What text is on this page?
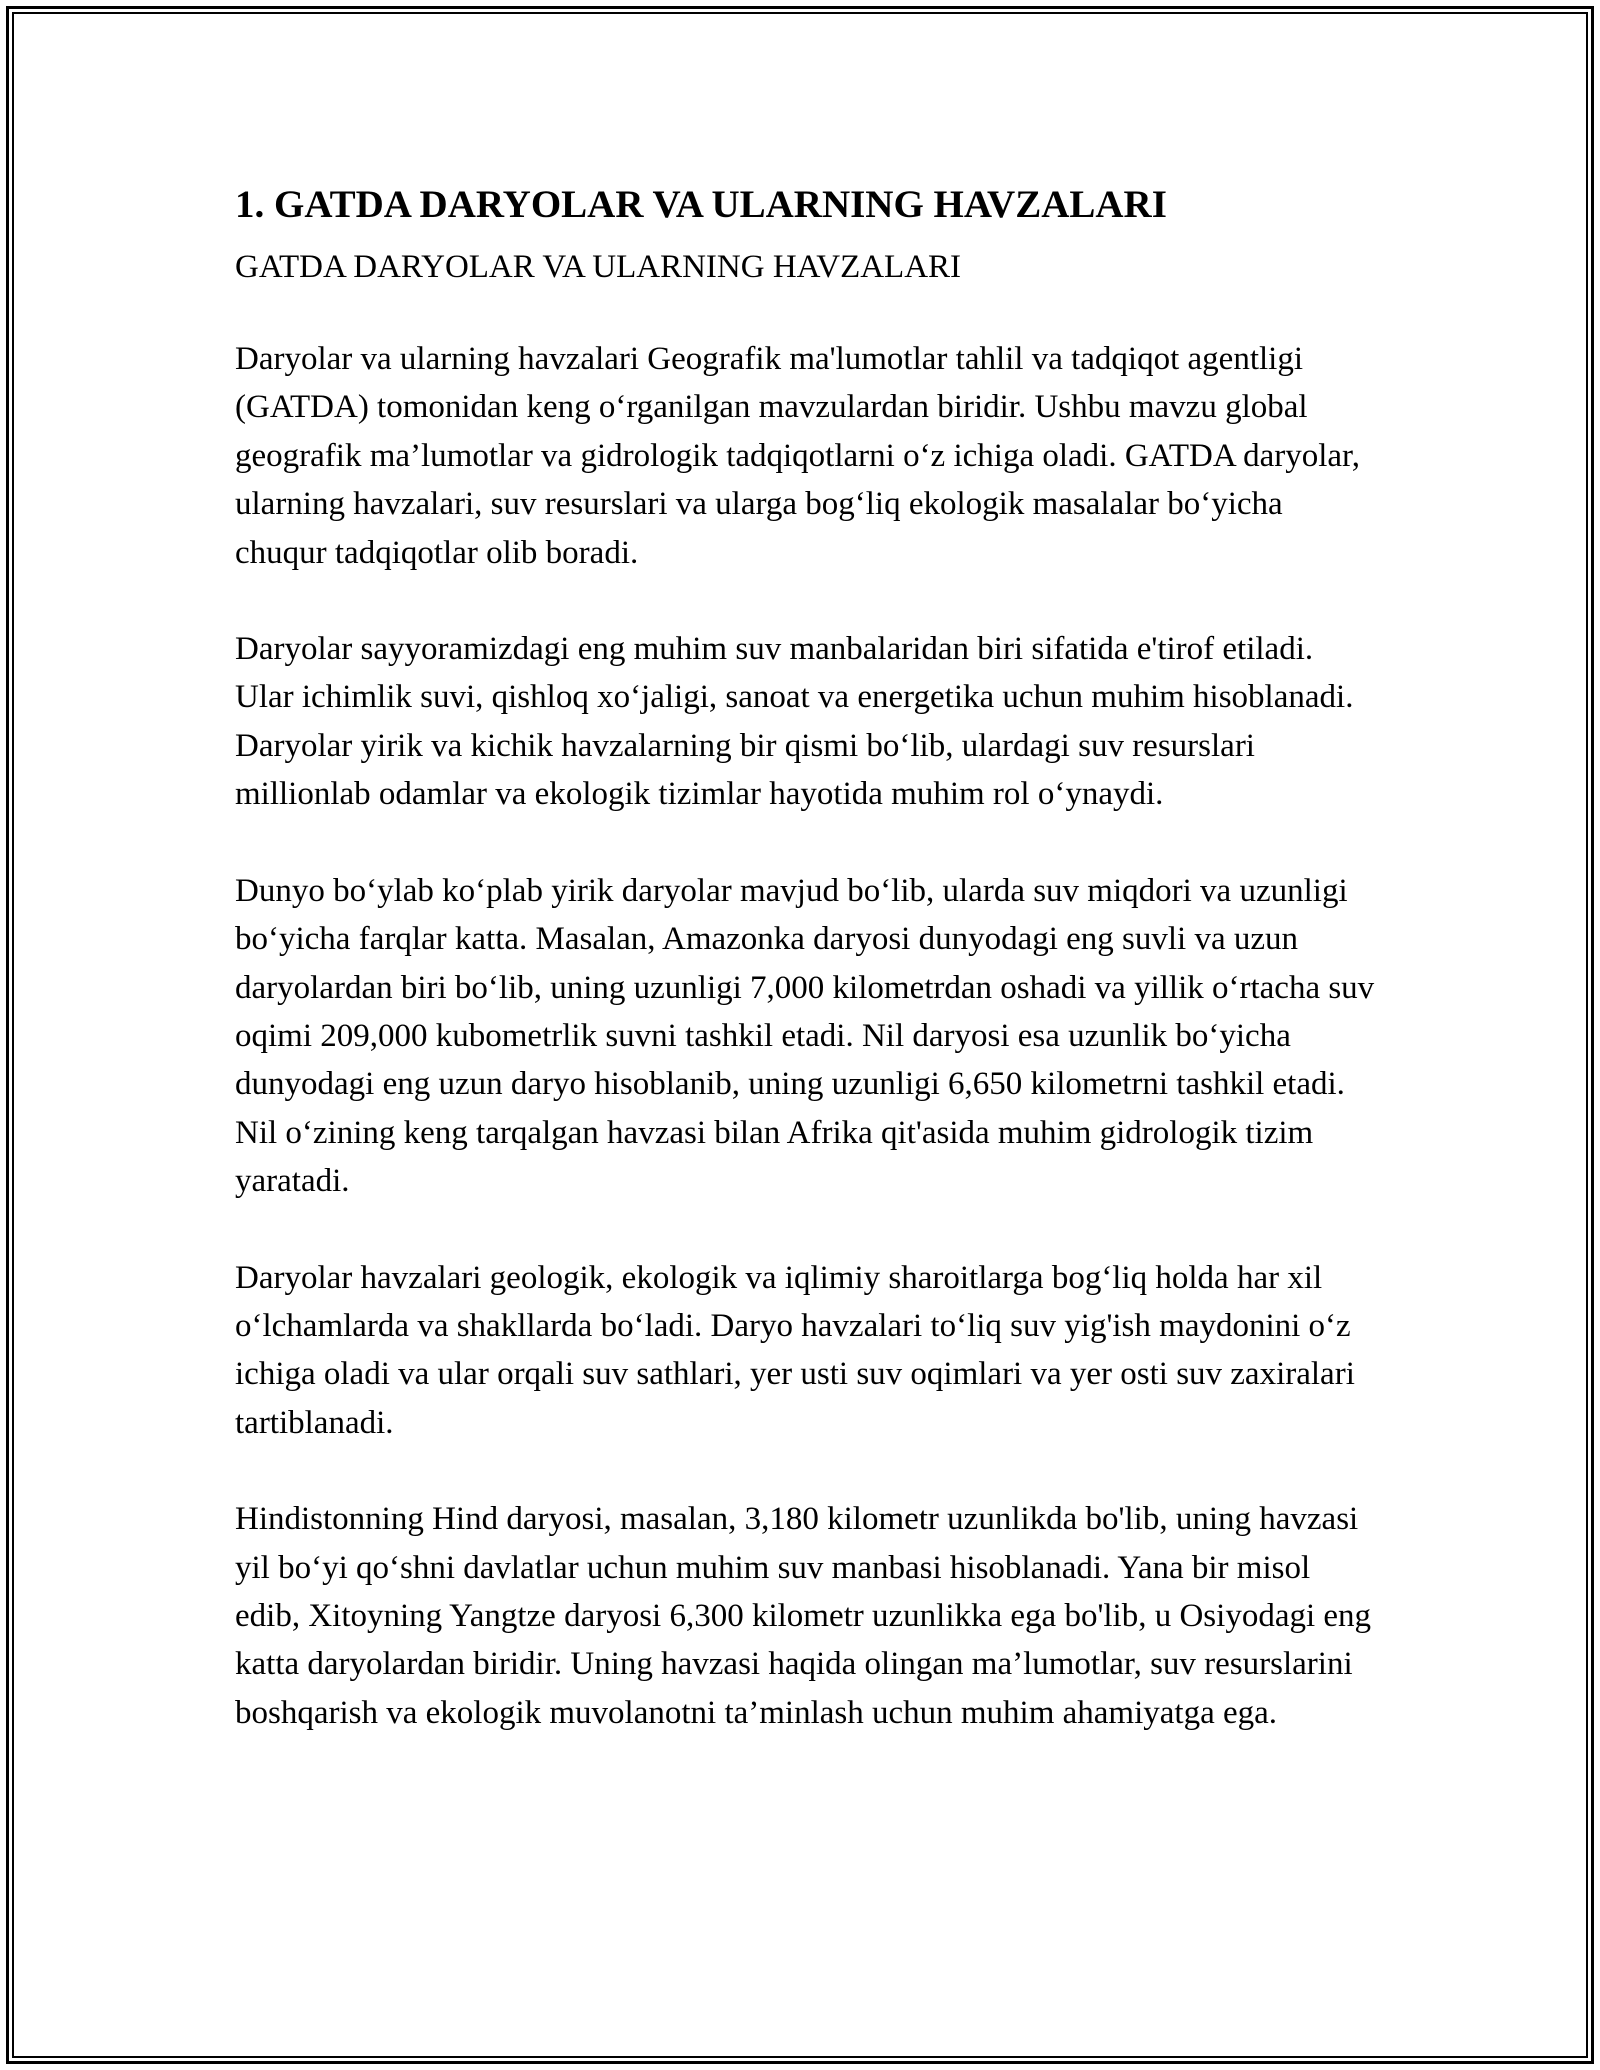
1. GATDA DARYOLAR VA ULARNING HAVZALARI
GATDA DARYOLAR VA ULARNING HAVZALARI

Daryolar va ularning havzalari Geografik ma'lumotlar tahlil va tadqiqot agentligi (GATDA) tomonidan keng o‘rganilgan mavzulardan biridir. Ushbu mavzu global geografik ma’lumotlar va gidrologik tadqiqotlarni o‘z ichiga oladi. GATDA daryolar, ularning havzalari, suv resurslari va ularga bog‘liq ekologik masalalar bo‘yicha chuqur tadqiqotlar olib boradi.

Daryolar sayyoramizdagi eng muhim suv manbalaridan biri sifatida e'tirof etiladi. Ular ichimlik suvi, qishloq xo‘jaligi, sanoat va energetika uchun muhim hisoblanadi. Daryolar yirik va kichik havzalarning bir qismi bo‘lib, ulardagi suv resurslari millionlab odamlar va ekologik tizimlar hayotida muhim rol o‘ynaydi.

Dunyo bo‘ylab ko‘plab yirik daryolar mavjud bo‘lib, ularda suv miqdori va uzunligi bo‘yicha farqlar katta. Masalan, Amazonka daryosi dunyodagi eng suvli va uzun daryolardan biri bo‘lib, uning uzunligi 7,000 kilometrdan oshadi va yillik o‘rtacha suv oqimi 209,000 kubometrlik suvni tashkil etadi. Nil daryosi esa uzunlik bo‘yicha dunyodagi eng uzun daryo hisoblanib, uning uzunligi 6,650 kilometrni tashkil etadi. Nil o‘zining keng tarqalgan havzasi bilan Afrika qit'asida muhim gidrologik tizim yaratadi.

Daryolar havzalari geologik, ekologik va iqlimiy sharoitlarga bog‘liq holda har xil o‘lchamlarda va shakllarda bo‘ladi. Daryo havzalari to‘liq suv yig'ish maydonini o‘z ichiga oladi va ular orqali suv sathlari, yer usti suv oqimlari va yer osti suv zaxiralari tartiblanadi.

Hindistonning Hind daryosi, masalan, 3,180 kilometr uzunlikda bo'lib, uning havzasi yil bo‘yi qo‘shni davlatlar uchun muhim suv manbasi hisoblanadi. Yana bir misol edib, Xitoyning Yangtze daryosi 6,300 kilometr uzunlikka ega bo'lib, u Osiyodagi eng katta daryolardan biridir. Uning havzasi haqida olingan ma’lumotlar, suv resurslarini boshqarish va ekologik muvolanotni ta’minlash uchun muhim ahamiyatga ega.
